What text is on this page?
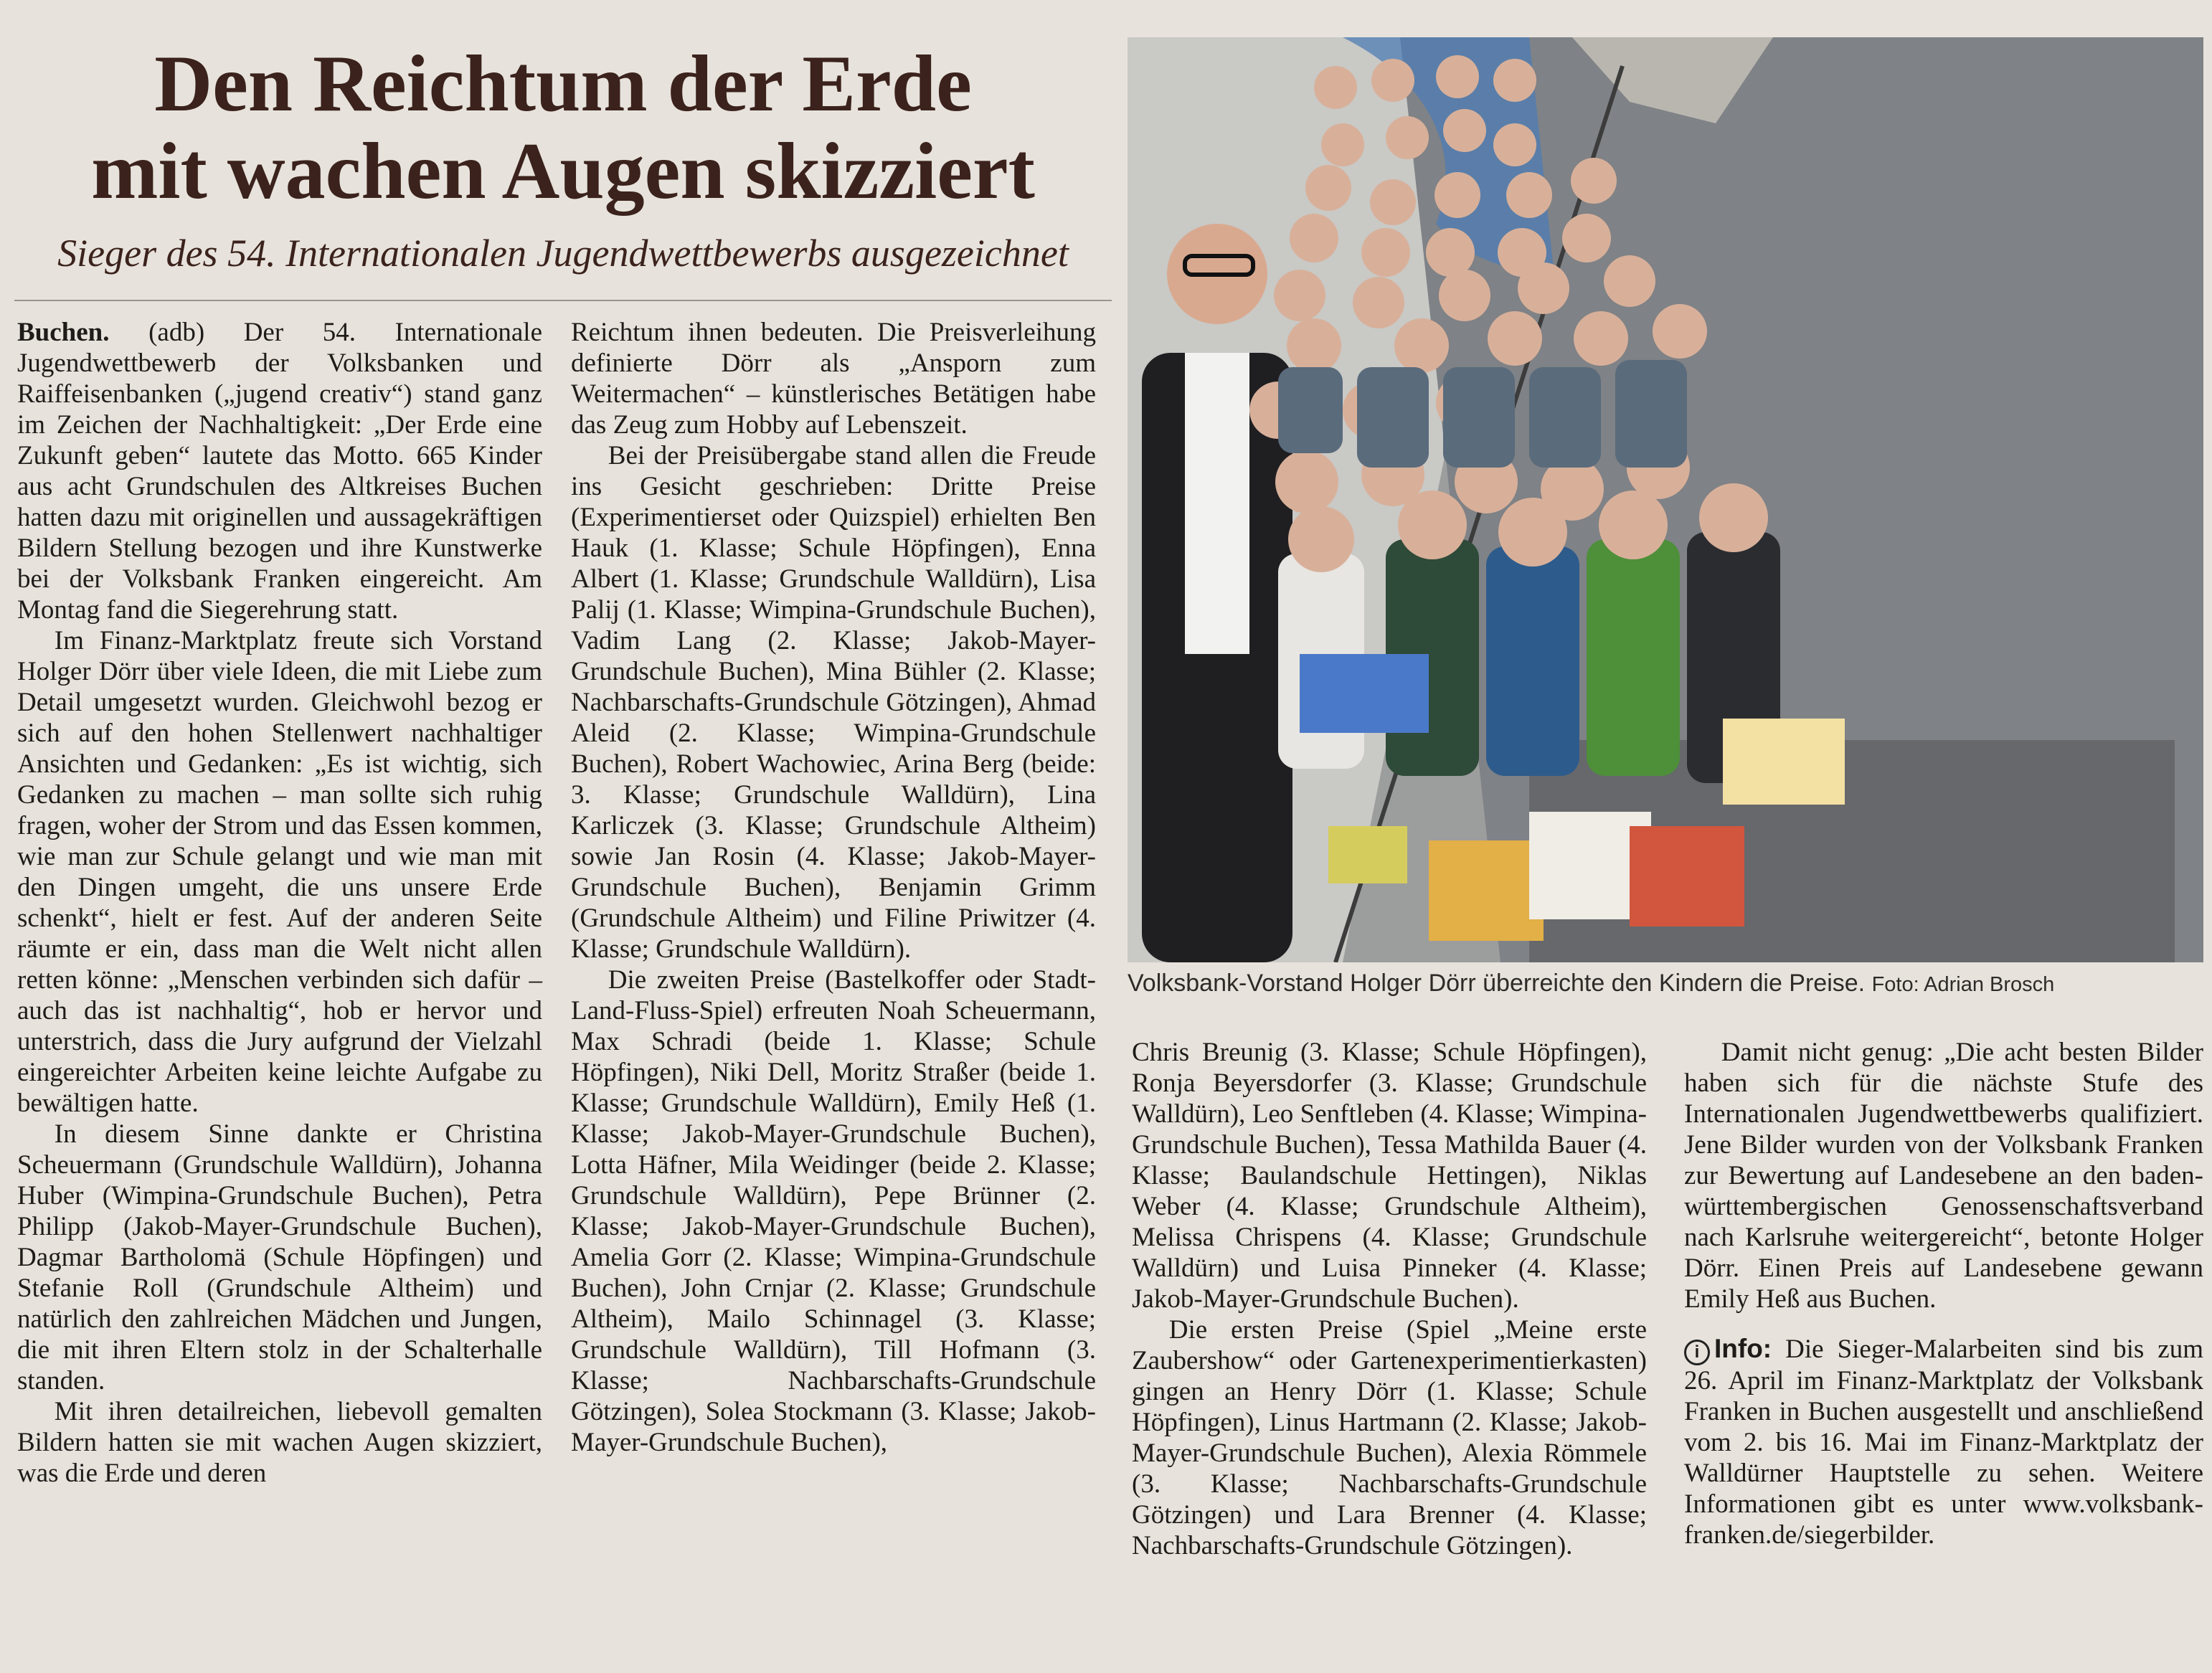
Den Reichtum der Erde
mit wachen Augen skizziert
Sieger des 54. Internationalen Jugendwettbewerbs ausgezeichnet

Buchen. (adb) Der 54. Internationale Jugendwettbewerb der Volksbanken und Raiffeisenbanken („jugend creativ“) stand ganz im Zeichen der Nachhaltigkeit: „Der Erde eine Zukunft geben“ lautete das Motto. 665 Kinder aus acht Grundschulen des Altkreises Buchen hatten dazu mit originellen und aussagekräftigen Bildern Stellung bezogen und ihre Kunstwerke bei der Volksbank Franken eingereicht. Am Montag fand die Siegerehrung statt.

Im Finanz-Marktplatz freute sich Vorstand Holger Dörr über viele Ideen, die mit Liebe zum Detail umgesetzt wurden. Gleichwohl bezog er sich auf den hohen Stellenwert nachhaltiger Ansichten und Gedanken: „Es ist wichtig, sich Gedanken zu machen – man sollte sich ruhig fragen, woher der Strom und das Essen kommen, wie man zur Schule gelangt und wie man mit den Dingen umgeht, die uns unsere Erde schenkt“, hielt er fest. Auf der anderen Seite räumte er ein, dass man die Welt nicht allen retten könne: „Menschen verbinden sich dafür – auch das ist nachhaltig“, hob er hervor und unterstrich, dass die Jury aufgrund der Vielzahl eingereichter Arbeiten keine leichte Aufgabe zu bewältigen hatte.

In diesem Sinne dankte er Christina Scheuermann (Grundschule Walldürn), Johanna Huber (Wimpina-Grundschule Buchen), Petra Philipp (Jakob-Mayer-Grundschule Buchen), Dagmar Bartholomä (Schule Höpfingen) und Stefanie Roll (Grundschule Altheim) und natürlich den zahlreichen Mädchen und Jungen, die mit ihren Eltern stolz in der Schalterhalle standen.

Mit ihren detailreichen, liebevoll gemalten Bildern hatten sie mit wachen Augen skizziert, was die Erde und deren

Reichtum ihnen bedeuten. Die Preisverleihung definierte Dörr als „Ansporn zum Weitermachen“ – künstlerisches Betätigen habe das Zeug zum Hobby auf Lebenszeit.

Bei der Preisübergabe stand allen die Freude ins Gesicht geschrieben: Dritte Preise (Experimentierset oder Quizspiel) erhielten Ben Hauk (1. Klasse; Schule Höpfingen), Enna Albert (1. Klasse; Grundschule Walldürn), Lisa Palij (1. Klasse; Wimpina-Grundschule Buchen), Vadim Lang (2. Klasse; Jakob-Mayer-Grundschule Buchen), Mina Bühler (2. Klasse; Nachbarschafts-Grundschule Götzingen), Ahmad Aleid (2. Klasse; Wimpina-Grundschule Buchen), Robert Wachowiec, Arina Berg (beide: 3. Klasse; Grundschule Walldürn), Lina Karliczek (3. Klasse; Grundschule Altheim) sowie Jan Rosin (4. Klasse; Jakob-Mayer-Grundschule Buchen), Benjamin Grimm (Grundschule Altheim) und Filine Priwitzer (4. Klasse; Grundschule Walldürn).

Die zweiten Preise (Bastelkoffer oder Stadt-Land-Fluss-Spiel) erfreuten Noah Scheuermann, Max Schradi (beide 1. Klasse; Schule Höpfingen), Niki Dell, Moritz Straßer (beide 1. Klasse; Grundschule Walldürn), Emily Heß (1. Klasse; Jakob-Mayer-Grundschule Buchen), Lotta Häfner, Mila Weidinger (beide 2. Klasse; Grundschule Walldürn), Pepe Brünner (2. Klasse; Jakob-Mayer-Grundschule Buchen), Amelia Gorr (2. Klasse; Wimpina-Grundschule Buchen), John Crnjar (2. Klasse; Grundschule Altheim), Mailo Schinnagel (3. Klasse; Grundschule Walldürn), Till Hofmann (3. Klasse; Nachbarschafts-Grundschule Götzingen), Solea Stockmann (3. Klasse; Jakob-Mayer-Grundschule Buchen),

Volksbank-Vorstand Holger Dörr überreichte den Kindern die Preise. Foto: Adrian Brosch

Chris Breunig (3. Klasse; Schule Höpfingen), Ronja Beyersdorfer (3. Klasse; Grundschule Walldürn), Leo Senftleben (4. Klasse; Wimpina-Grundschule Buchen), Tessa Mathilda Bauer (4. Klasse; Baulandschule Hettingen), Niklas Weber (4. Klasse; Grundschule Altheim), Melissa Chrispens (4. Klasse; Grundschule Walldürn) und Luisa Pinneker (4. Klasse; Jakob-Mayer-Grundschule Buchen).

Die ersten Preise (Spiel „Meine erste Zaubershow“ oder Gartenexperimentierkasten) gingen an Henry Dörr (1. Klasse; Schule Höpfingen), Linus Hartmann (2. Klasse; Jakob-Mayer-Grundschule Buchen), Alexia Römmele (3. Klasse; Nachbarschafts-Grundschule Götzingen) und Lara Brenner (4. Klasse; Nachbarschafts-Grundschule Götzingen).

Damit nicht genug: „Die acht besten Bilder haben sich für die nächste Stufe des Internationalen Jugendwettbewerbs qualifiziert. Jene Bilder wurden von der Volksbank Franken zur Bewertung auf Landesebene an den baden-württembergischen Genossenschaftsverband nach Karlsruhe weitergereicht“, betonte Holger Dörr. Einen Preis auf Landesebene gewann Emily Heß aus Buchen.

i Info: Die Sieger-Malarbeiten sind bis zum 26. April im Finanz-Marktplatz der Volksbank Franken in Buchen ausgestellt und anschließend vom 2. bis 16. Mai im Finanz-Marktplatz der Walldürner Hauptstelle zu sehen. Weitere Informationen gibt es unter www.volksbank-franken.de/siegerbilder.
